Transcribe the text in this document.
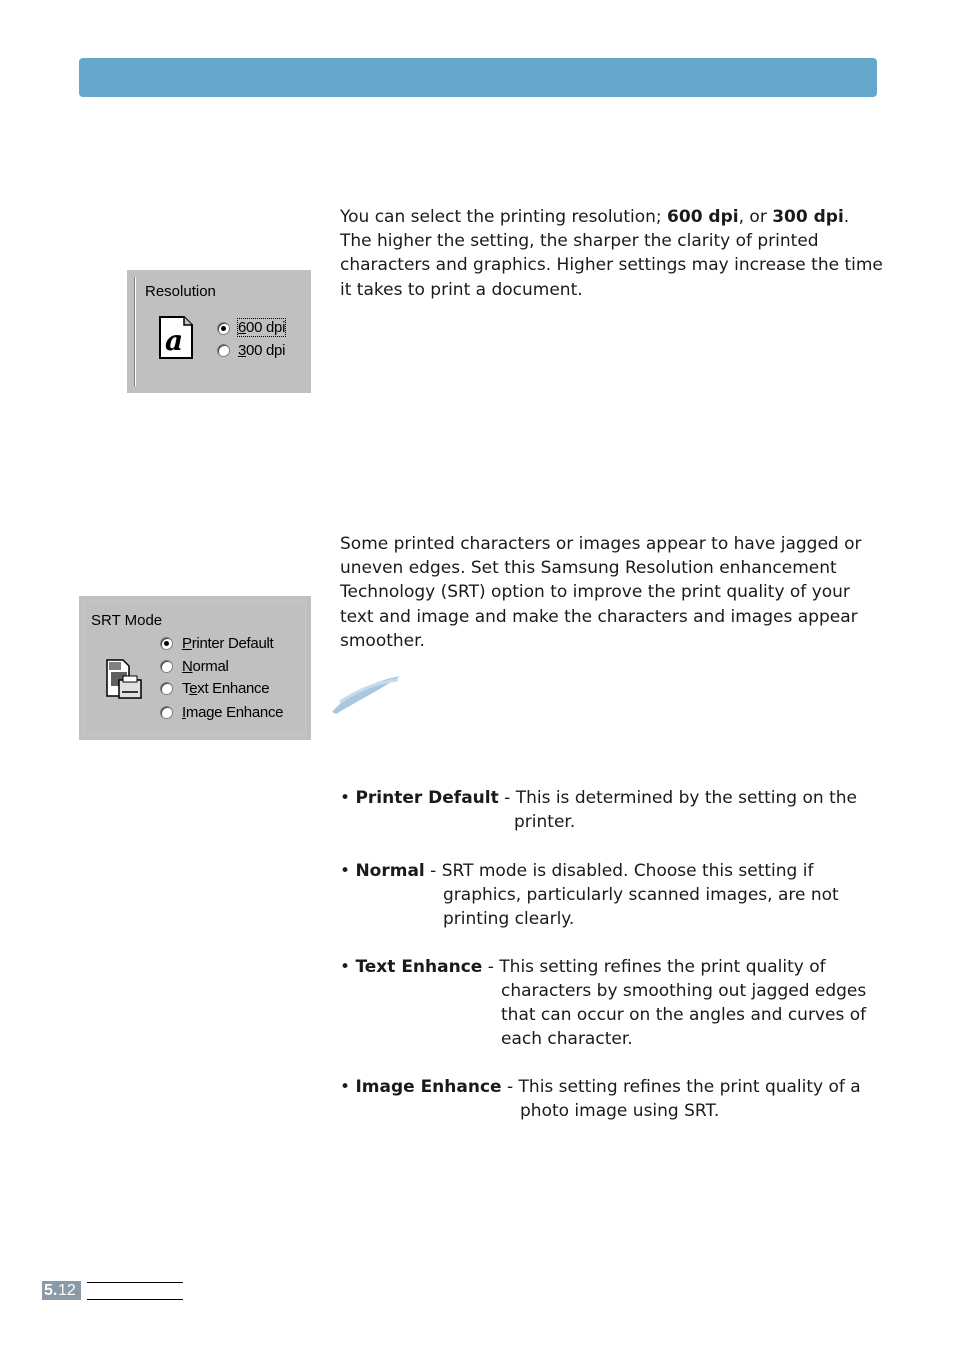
You can select the printing resolution; 600 dpi, or 300 dpi.
The higher the setting, the sharper the clarity of printed
characters and graphics. Higher settings may increase the time
it takes to print a document.

Resolution
a	600 dpi
300 dpi

Some printed characters or images appear to have jagged or
uneven edges. Set this Samsung Resolution enhancement
Technology (SRT) option to improve the print quality of your
text and image and make the characters and images appear
smoother.

SRT Mode
Printer Default
Normal
Text Enhance
Image Enhance
• Printer Default - This is determined by the setting on the
printer.
• Normal - SRT mode is disabled. Choose this setting if
graphics, particularly scanned images, are not
printing clearly.
• Text Enhance - This setting refines the print quality of
characters by smoothing out jagged edges
that can occur on the angles and curves of
each character.
• Image Enhance - This setting refines the print quality of a
photo image using SRT.
5. 12
